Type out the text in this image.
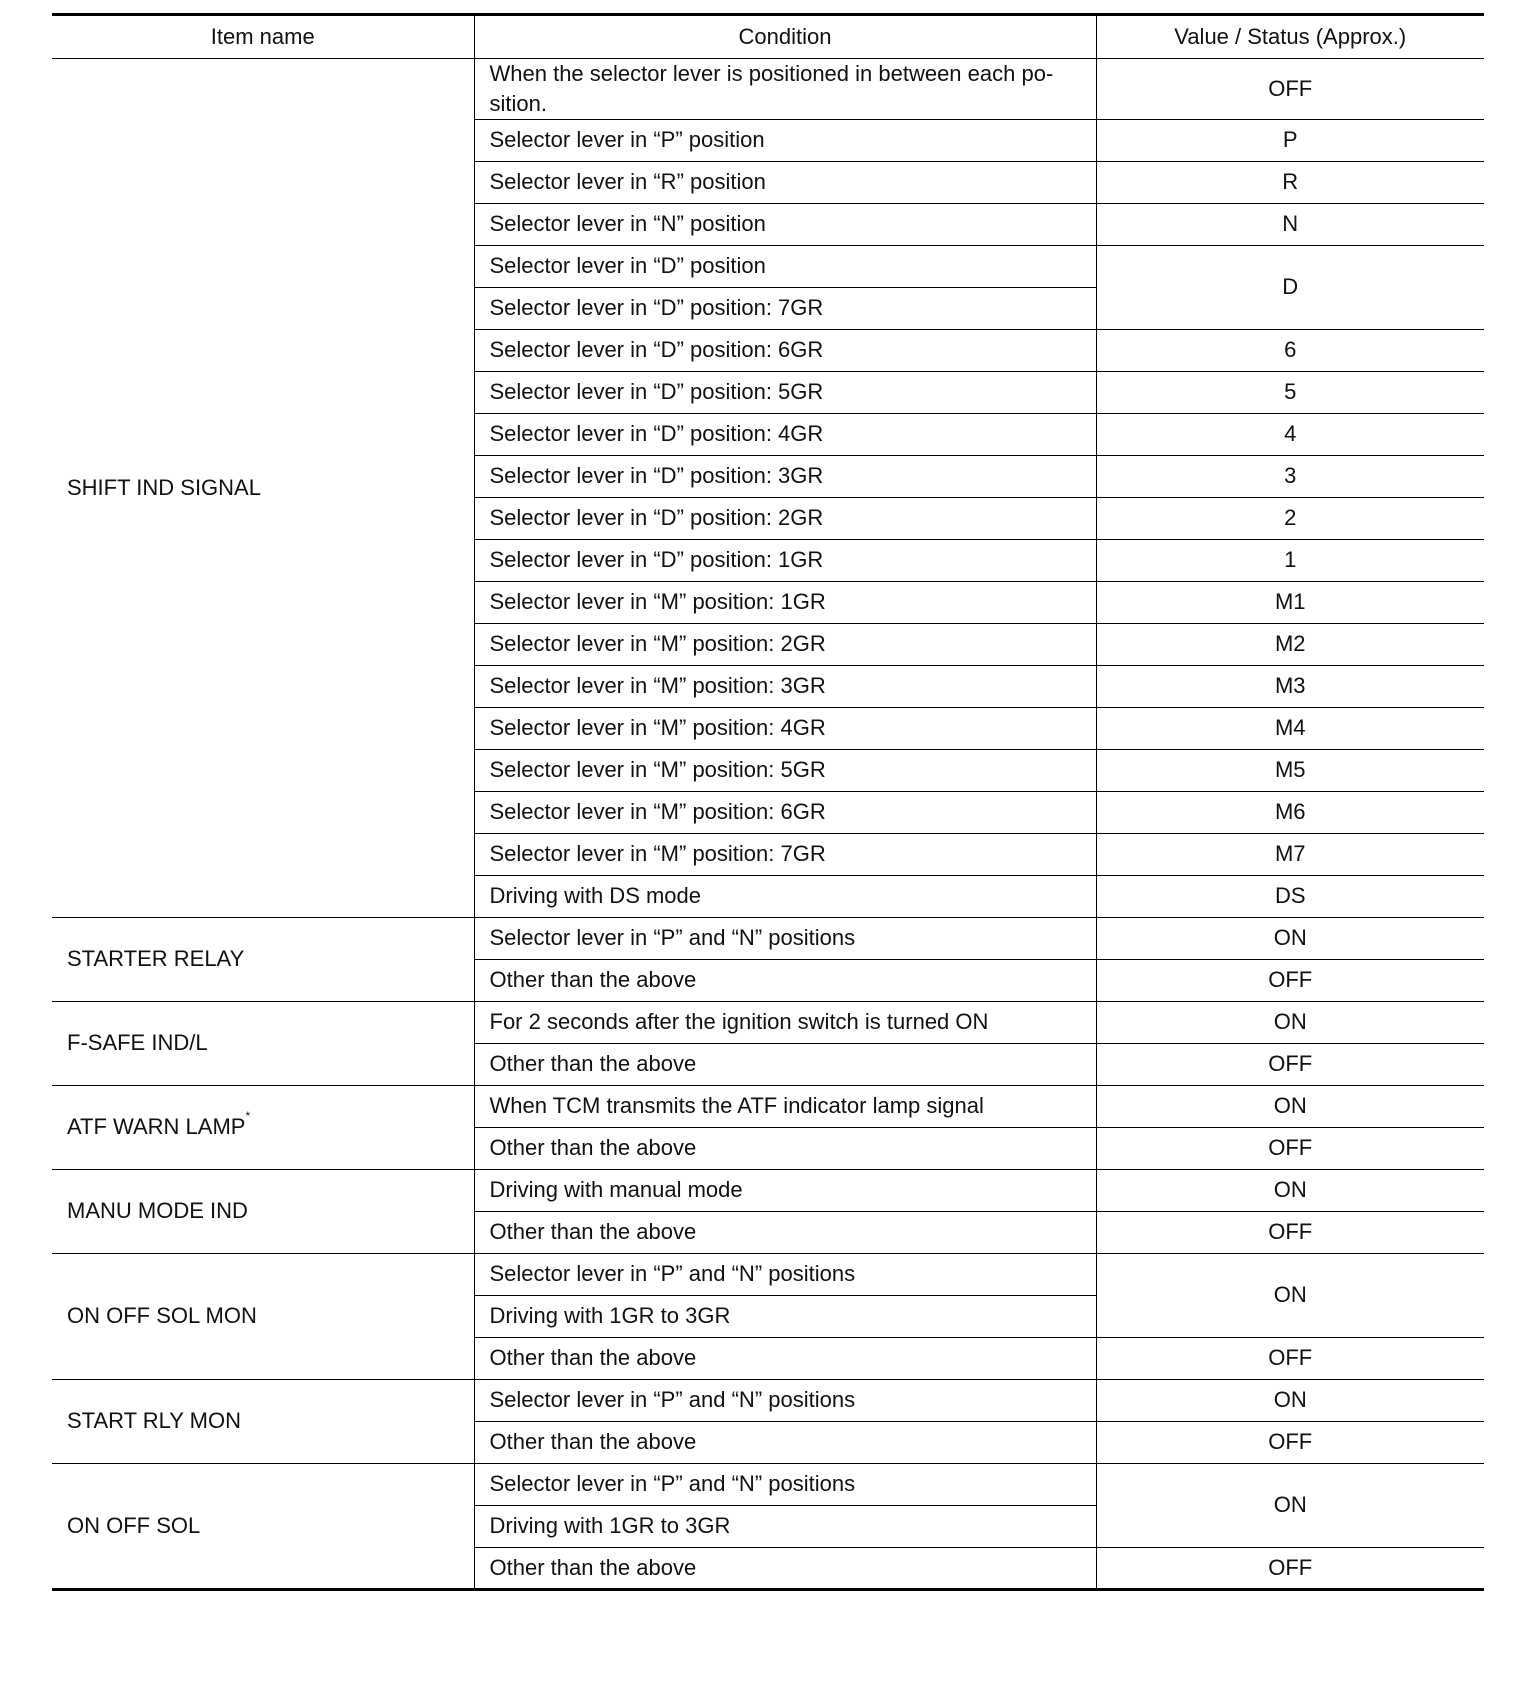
Item name	Condition	Value / Status (Approx.)
SHIFT IND SIGNAL	When the selector lever is positioned in between each po-sition.	OFF
	Selector lever in “P” position	P
	Selector lever in “R” position	R
	Selector lever in “N” position	N
	Selector lever in “D” position	D
	Selector lever in “D” position: 7GR	
	Selector lever in “D” position: 6GR	6
	Selector lever in “D” position: 5GR	5
	Selector lever in “D” position: 4GR	4
	Selector lever in “D” position: 3GR	3
	Selector lever in “D” position: 2GR	2
	Selector lever in “D” position: 1GR	1
	Selector lever in “M” position: 1GR	M1
	Selector lever in “M” position: 2GR	M2
	Selector lever in “M” position: 3GR	M3
	Selector lever in “M” position: 4GR	M4
	Selector lever in “M” position: 5GR	M5
	Selector lever in “M” position: 6GR	M6
	Selector lever in “M” position: 7GR	M7
	Driving with DS mode	DS
STARTER RELAY	Selector lever in “P” and “N” positions	ON
	Other than the above	OFF
F-SAFE IND/L	For 2 seconds after the ignition switch is turned ON	ON
	Other than the above	OFF
ATF WARN LAMP*	When TCM transmits the ATF indicator lamp signal	ON
	Other than the above	OFF
MANU MODE IND	Driving with manual mode	ON
	Other than the above	OFF
ON OFF SOL MON	Selector lever in “P” and “N” positions	ON
	Driving with 1GR to 3GR	
	Other than the above	OFF
START RLY MON	Selector lever in “P” and “N” positions	ON
	Other than the above	OFF
ON OFF SOL	Selector lever in “P” and “N” positions	ON
	Driving with 1GR to 3GR	
	Other than the above	OFF
